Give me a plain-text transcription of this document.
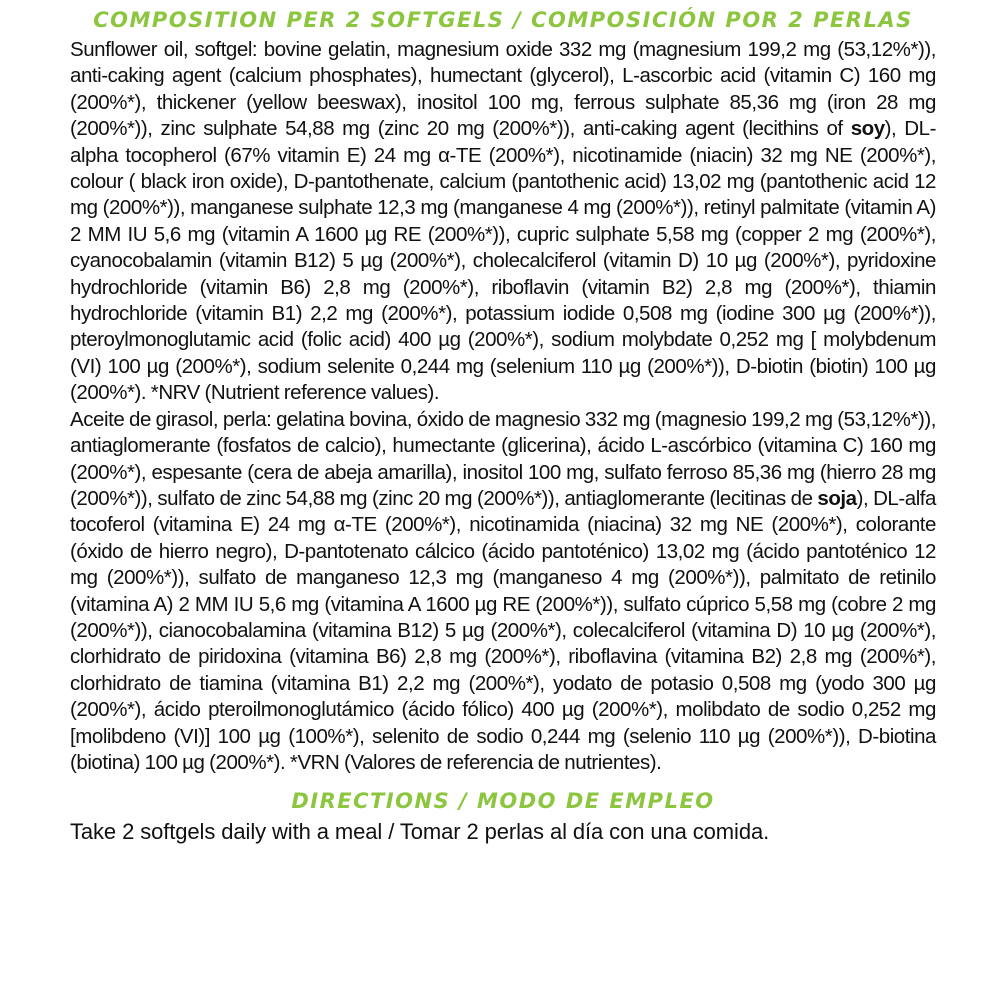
COMPOSITION PER 2 SOFTGELS / COMPOSICIÓN POR 2 PERLAS

Sunflower oil, softgel: bovine gelatin, magnesium oxide 332 mg (magnesium 199,2 mg (53,12%*)), anti-caking agent (calcium phosphates), humectant (glycerol), L-ascorbic acid (vitamin C) 160 mg (200%*), thickener (yellow beeswax), inositol 100 mg, ferrous sulphate 85,36 mg (iron 28 mg (200%*)), zinc sulphate 54,88 mg (zinc 20 mg (200%*)), anti-caking agent (lecithins of soy), DL-alpha tocopherol (67% vitamin E) 24 mg α-TE (200%*), nicotinamide (niacin) 32 mg NE (200%*), colour ( black iron oxide), D-pantothenate, calcium (pantothenic acid) 13,02 mg (pantothenic acid 12 mg (200%*)), manganese sulphate 12,3 mg (manganese 4 mg (200%*)), retinyl palmitate (vitamin A) 2 MM IU 5,6 mg (vitamin A 1600 µg RE (200%*)), cupric sulphate 5,58 mg (copper 2 mg (200%*), cyanocobalamin (vitamin B12) 5 µg (200%*), cholecalciferol (vitamin D) 10 µg (200%*), pyridoxine hydrochloride (vitamin B6) 2,8 mg (200%*), riboflavin (vitamin B2) 2,8 mg (200%*), thiamin hydrochloride (vitamin B1) 2,2 mg (200%*), potassium iodide 0,508 mg (iodine 300 µg (200%*)), pteroylmonoglutamic acid (folic acid) 400 µg (200%*), sodium molybdate 0,252 mg [ molybdenum (VI) 100 µg (200%*), sodium selenite 0,244 mg (selenium 110 µg (200%*)), D-biotin (biotin) 100 µg (200%*). *NRV (Nutrient reference values).

Aceite de girasol, perla: gelatina bovina, óxido de magnesio 332 mg (magnesio 199,2 mg (53,12%*)), antiaglomerante (fosfatos de calcio), humectante (glicerina), ácido L-ascórbico (vitamina C) 160 mg (200%*), espesante (cera de abeja amarilla), inositol 100 mg, sulfato ferroso 85,36 mg (hierro 28 mg (200%*)), sulfato de zinc 54,88 mg (zinc 20 mg (200%*)), antiaglomerante (lecitinas de soja), DL-alfa tocoferol (vitamina E) 24 mg α-TE (200%*), nicotinamida (niacina) 32 mg NE (200%*), colorante (óxido de hierro negro), D-pantotenato cálcico (ácido pantoténico) 13,02 mg (ácido pantoténico 12 mg (200%*)), sulfato de manganeso 12,3 mg (manganeso 4 mg (200%*)), palmitato de retinilo (vitamina A) 2 MM IU 5,6 mg (vitamina A 1600 µg RE (200%*)), sulfato cúprico 5,58 mg (cobre 2 mg (200%*)), cianocobalamina (vitamina B12) 5 µg (200%*), colecalciferol (vitamina D) 10 µg (200%*), clorhidrato de piridoxina (vitamina B6) 2,8 mg (200%*), riboflavina (vitamina B2) 2,8 mg (200%*), clorhidrato de tiamina (vitamina B1) 2,2 mg (200%*), yodato de potasio 0,508 mg (yodo 300 µg (200%*), ácido pteroilmonoglutámico (ácido fólico) 400 µg (200%*), molibdato de sodio 0,252 mg [molibdeno (VI)] 100 µg (100%*), selenito de sodio 0,244 mg (selenio 110 µg (200%*)), D-biotina (biotina) 100 µg (200%*). *VRN (Valores de referencia de nutrientes).

DIRECTIONS / MODO DE EMPLEO
Take 2 softgels daily with a meal / Tomar 2 perlas al día con una comida.
